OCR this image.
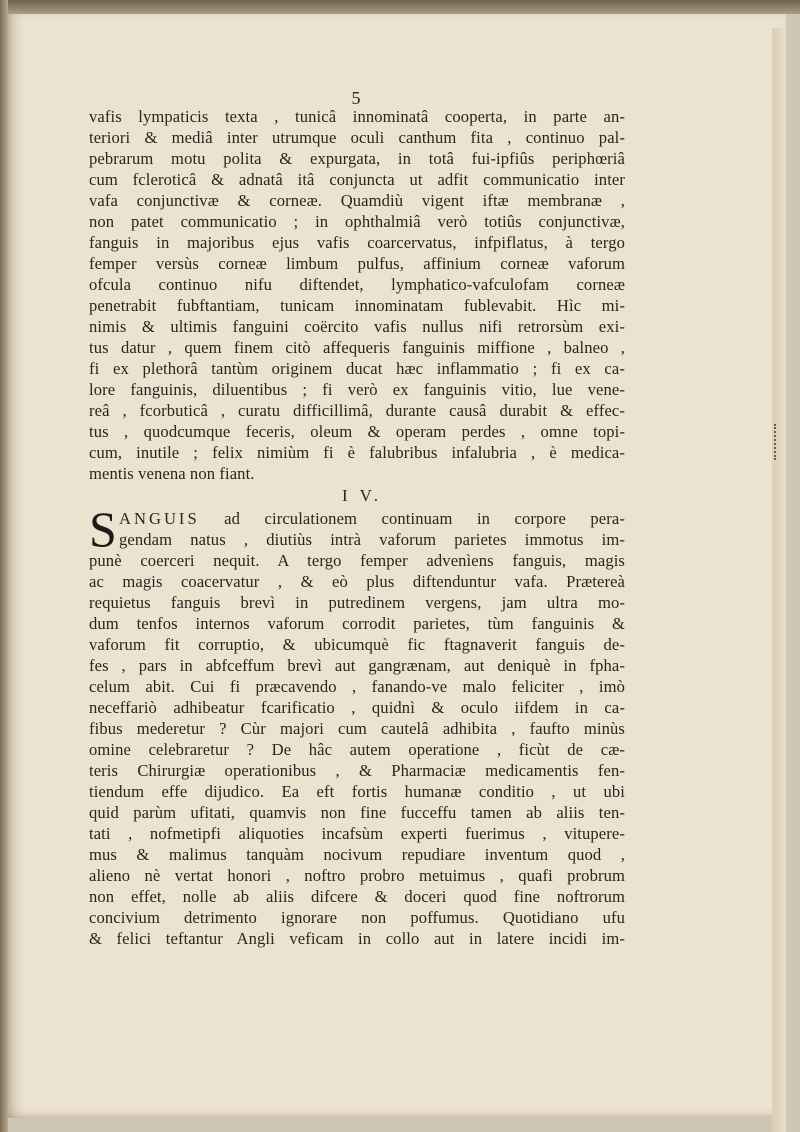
5
vafis lympaticis texta , tunicâ innominatâ cooperta, in parte an-
teriori & mediâ inter utrumque oculi canthum fita , continuo pal-
pebrarum motu polita & expurgata, in totâ fui-ipfiûs periphœriâ
cum fcleroticâ & adnatâ itâ conjuncta ut adfit communicatio inter
vafa conjunctivæ & corneæ. Quamdiù vigent iftæ membranæ ,
non patet communicatio ; in ophthalmiâ verò totiûs conjunctivæ,
fanguis in majoribus ejus vafis coarcervatus, infpiflatus, à tergo
femper versùs corneæ limbum pulfus, affinium corneæ vaforum
ofcula continuo nifu diftendet, lymphatico-vafculofam corneæ
penetrabit fubftantiam, tunicam innominatam fublevabit. Hìc mi-
nimis & ultimis fanguini coërcito vafis nullus nifi retrorsùm exi-
tus datur , quem finem citò affequeris fanguinis miffione , balneo ,
fi ex plethorâ tantùm originem ducat hæc inflammatio ; fi ex ca-
lore fanguinis, diluentibus ; fi verò ex fanguinis vitio, lue vene-
reâ , fcorbuticâ , curatu difficillimâ, durante causâ durabit & effec-
tus , quodcumque feceris, oleum & operam perdes , omne topi-
cum, inutile ; felix nimiùm fi è falubribus infalubria , è medica-
mentis venena non fiant.
I V.
S ANGUIS ad circulationem continuam in corpore pera-
gendam natus , diutiùs intrà vaforum parietes immotus im-
punè coerceri nequit. A tergo femper advenìens fanguis, magis
ac magis coacervatur , & eò plus diftenduntur vafa. Prætereà
requietus fanguis brevì in putredinem vergens, jam ultra mo-
dum tenfos internos vaforum corrodit parietes, tùm fanguinis &
vaforum fit corruptio, & ubicumquè fic ftagnaverit fanguis de-
fes , pars in abfceffum brevì aut gangrænam, aut deniquè in fpha-
celum abit. Cui fi præcavendo , fanando-ve malo feliciter , imò
neceffariò adhibeatur fcarificatio , quidnì & oculo iifdem in ca-
fibus mederetur ? Cùr majori cum cautelâ adhibita , faufto minùs
omine celebraretur ? De hâc autem operatione , ficùt de cæ-
teris Chirurgiæ operationibus , & Pharmaciæ medicamentis fen-
tiendum effe dijudico. Ea eft fortis humanæ conditio , ut ubi
quid parùm ufitati, quamvis non fine fucceffu tamen ab aliis ten-
tati , nofmetipfi aliquoties incafsùm experti fuerimus , vitupere-
mus & malimus tanquàm nocivum repudiare inventum quod ,
alieno nè vertat honori , noftro probro metuimus , quafi probrum
non effet, nolle ab aliis difcere & doceri quod fine noftrorum
concivium detrimento ignorare non poffumus. Quotidiano ufu
& felici teftantur Angli veficam in collo aut in latere incidi im-
